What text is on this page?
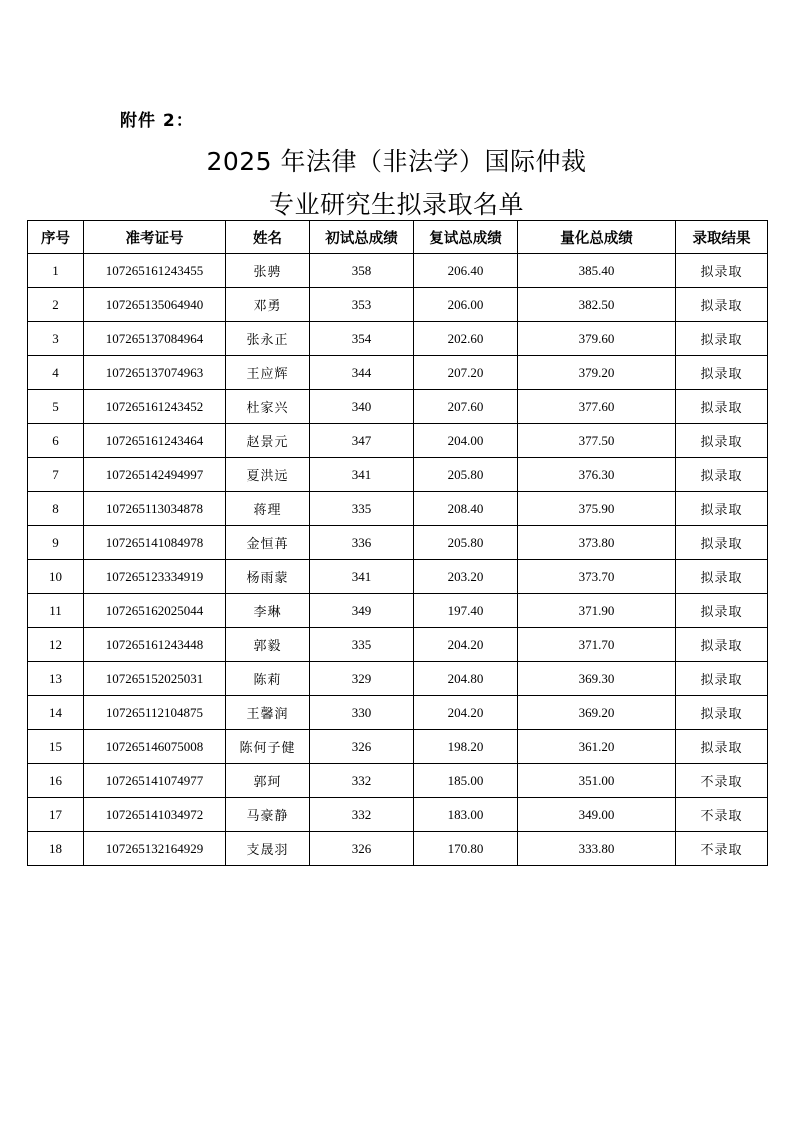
附件 2：
2025 年法律（非法学）国际仲裁
专业研究生拟录取名单
序号	准考证号	姓名	初试总成绩	复试总成绩	量化总成绩	录取结果
1	107265161243455	张骋	358	206.40	385.40	拟录取
2	107265135064940	邓勇	353	206.00	382.50	拟录取
3	107265137084964	张永正	354	202.60	379.60	拟录取
4	107265137074963	王应辉	344	207.20	379.20	拟录取
5	107265161243452	杜家兴	340	207.60	377.60	拟录取
6	107265161243464	赵景元	347	204.00	377.50	拟录取
7	107265142494997	夏洪远	341	205.80	376.30	拟录取
8	107265113034878	蒋理	335	208.40	375.90	拟录取
9	107265141084978	金恒苒	336	205.80	373.80	拟录取
10	107265123334919	杨雨蒙	341	203.20	373.70	拟录取
11	107265162025044	李琳	349	197.40	371.90	拟录取
12	107265161243448	郭毅	335	204.20	371.70	拟录取
13	107265152025031	陈莉	329	204.80	369.30	拟录取
14	107265112104875	王馨润	330	204.20	369.20	拟录取
15	107265146075008	陈何子健	326	198.20	361.20	拟录取
16	107265141074977	郭珂	332	185.00	351.00	不录取
17	107265141034972	马豪静	332	183.00	349.00	不录取
18	107265132164929	支晟羽	326	170.80	333.80	不录取
